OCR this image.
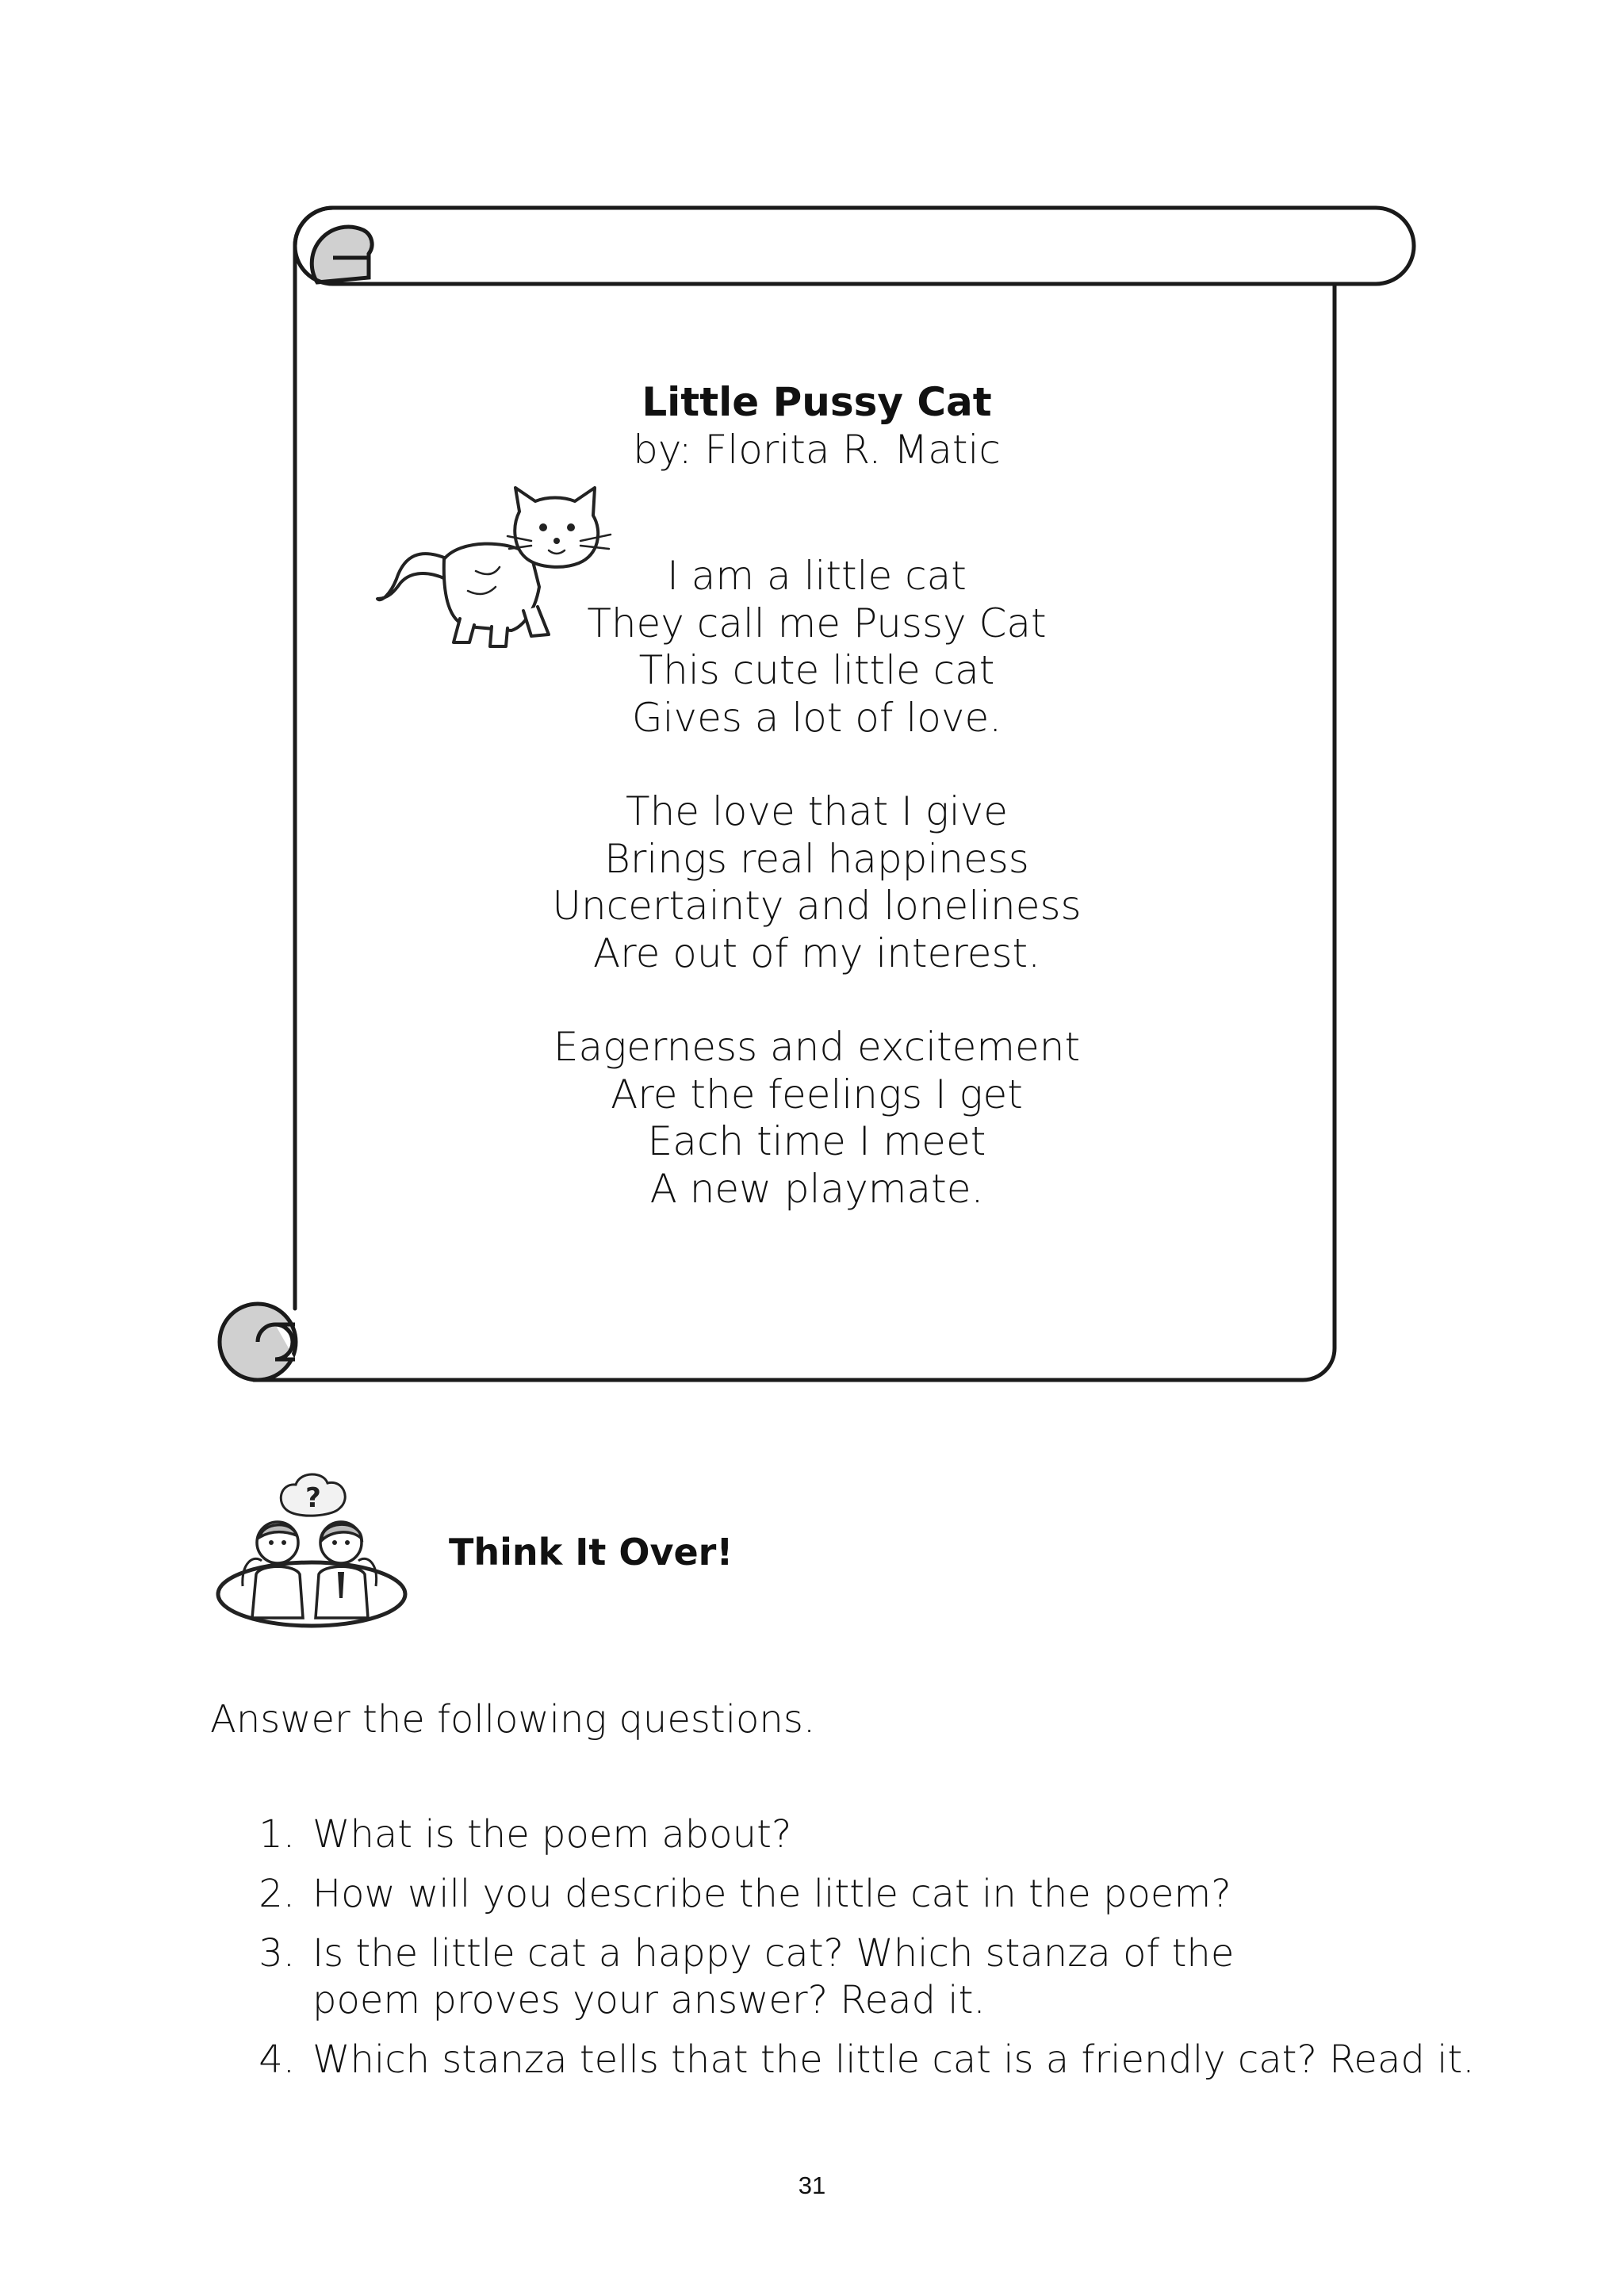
Little Pussy Cat
by: Florita R. Matic
I am a little cat
They call me Pussy Cat
This cute little cat
Gives a lot of love.
The love that I give
Brings real happiness
Uncertainty and loneliness
Are out of my interest.
Eagerness and excitement
Are the feelings I get
Each time I meet
A new playmate.
?
Think It Over!
Answer the following questions.
1. What is the poem about?
2. How will you describe the little cat in the poem?
3. Is the little cat a happy cat? Which stanza of the poem proves your answer? Read it.
4. Which stanza tells that the little cat is a friendly cat? Read it.
31
